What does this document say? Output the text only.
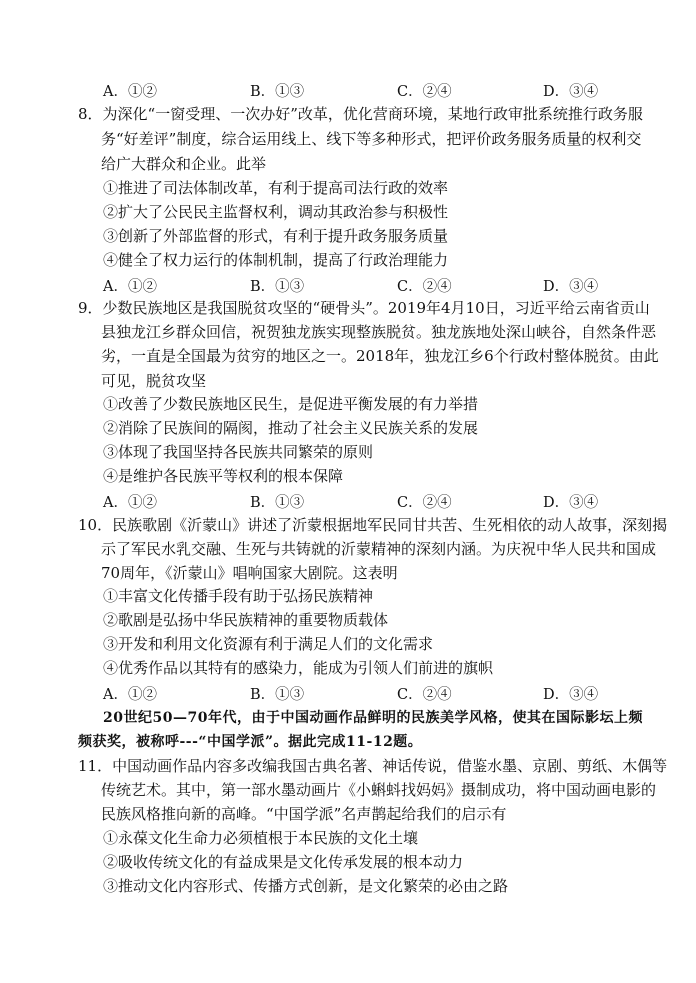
A．①②	B．①③	C．②④	D．③④
8．为深化“一窗受理、一次办好”改革，优化营商环境，某地行政审批系统推行政务服
务“好差评”制度，综合运用线上、线下等多种形式，把评价政务服务质量的权利交
给广大群众和企业。此举
①推进了司法体制改革，有利于提高司法行政的效率
②扩大了公民民主监督权利，调动其政治参与积极性
③创新了外部监督的形式，有利于提升政务服务质量
④健全了权力运行的体制机制，提高了行政治理能力
A．①②	B．①③	C．②④	D．③④
9．少数民族地区是我国脱贫攻坚的“硬骨头”。2019年4月10日，习近平给云南省贡山
县独龙江乡群众回信，祝贺独龙族实现整族脱贫。独龙族地处深山峡谷，自然条件恶
劣，一直是全国最为贫穷的地区之一。2018年，独龙江乡6个行政村整体脱贫。由此
可见，脱贫攻坚
①改善了少数民族地区民生，是促进平衡发展的有力举措
②消除了民族间的隔阂，推动了社会主义民族关系的发展
③体现了我国坚持各民族共同繁荣的原则
④是维护各民族平等权利的根本保障
A．①②	B．①③	C．②④	D．③④
10．民族歌剧《沂蒙山》讲述了沂蒙根据地军民同甘共苦、生死相依的动人故事，深刻揭
示了军民水乳交融、生死与共铸就的沂蒙精神的深刻内涵。为庆祝中华人民共和国成
70周年，《沂蒙山》唱响国家大剧院。这表明
①丰富文化传播手段有助于弘扬民族精神
②歌剧是弘扬中华民族精神的重要物质载体
③开发和利用文化资源有利于满足人们的文化需求
④优秀作品以其特有的感染力，能成为引领人们前进的旗帜
A．①②	B．①③	C．②④	D．③④
20世纪50—70年代，由于中国动画作品鲜明的民族美学风格，使其在国际影坛上频
频获奖，被称呼---“中国学派”。据此完成11-12题。
11．中国动画作品内容多改编我国古典名著、神话传说，借鉴水墨、京剧、剪纸、木偶等
传统艺术。其中，第一部水墨动画片《小蝌蚪找妈妈》摄制成功，将中国动画电影的
民族风格推向新的高峰。“中国学派”名声鹊起给我们的启示有
①永葆文化生命力必须植根于本民族的文化土壤
②吸收传统文化的有益成果是文化传承发展的根本动力
③推动文化内容形式、传播方式创新，是文化繁荣的必由之路
